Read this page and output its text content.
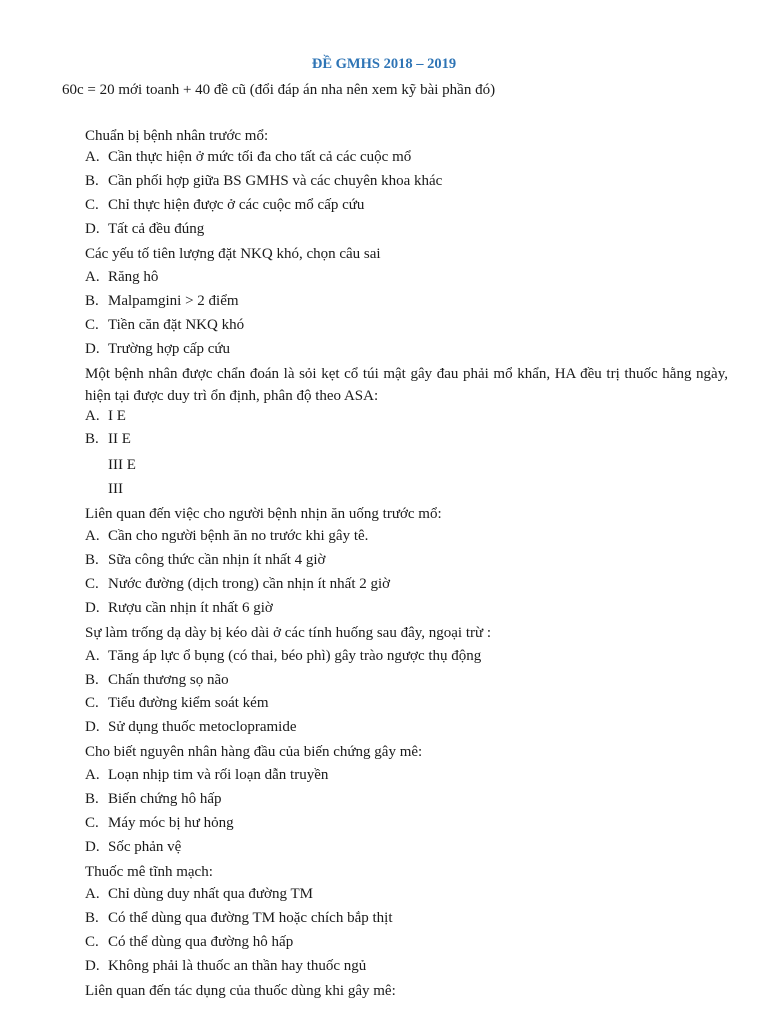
ĐỀ GMHS 2018 – 2019
60c = 20 mới toanh + 40 đề cũ (đổi đáp án nha nên xem kỹ bài phần đó)
Chuẩn bị bệnh nhân trước mổ:
A. Cần thực hiện ở mức tối đa cho tất cả các cuộc mổ
B. Cần phối hợp giữa BS GMHS và các chuyên khoa khác
C. Chỉ thực hiện được ở các cuộc mổ cấp cứu
D. Tất cả đều đúng
Các yếu tố tiên lượng đặt NKQ khó, chọn câu sai
A. Răng hô
B. Malpamgini > 2 điểm
C. Tiền căn đặt NKQ khó
D. Trường hợp cấp cứu
Một bệnh nhân được chẩn đoán là sỏi kẹt cổ túi mật gây đau phải mổ khẩn, HA đều trị thuốc hằng ngày, hiện tại được duy trì ổn định, phân độ theo ASA:
A. I E
B. II E
III E
III
Liên quan đến việc cho người bệnh nhịn ăn uống trước mổ:
A. Cần cho người bệnh ăn no trước khi gây tê.
B. Sữa công thức cần nhịn ít nhất 4 giờ
C. Nước đường (dịch trong) cần nhịn ít nhất 2 giờ
D. Rượu cần nhịn ít nhất 6 giờ
Sự làm trống dạ dày bị kéo dài ở các tính huống sau đây, ngoại trừ :
A. Tăng áp lực ổ bụng (có thai, béo phì) gây trào ngược thụ động
B. Chấn thương sọ não
C. Tiểu đường kiểm soát kém
D. Sử dụng thuốc metoclopramide
Cho biết nguyên nhân hàng đầu của biến chứng gây mê:
A. Loạn nhịp tim và rối loạn dẫn truyền
B. Biến chứng hô hấp
C. Máy móc bị hư hỏng
D. Sốc phản vệ
Thuốc mê tĩnh mạch:
A. Chỉ dùng duy nhất qua đường TM
B. Có thể dùng qua đường TM hoặc chích bắp thịt
C. Có thể dùng qua đường hô hấp
D. Không phải là thuốc an thần hay thuốc ngủ
Liên quan đến tác dụng của thuốc dùng khi gây mê:
